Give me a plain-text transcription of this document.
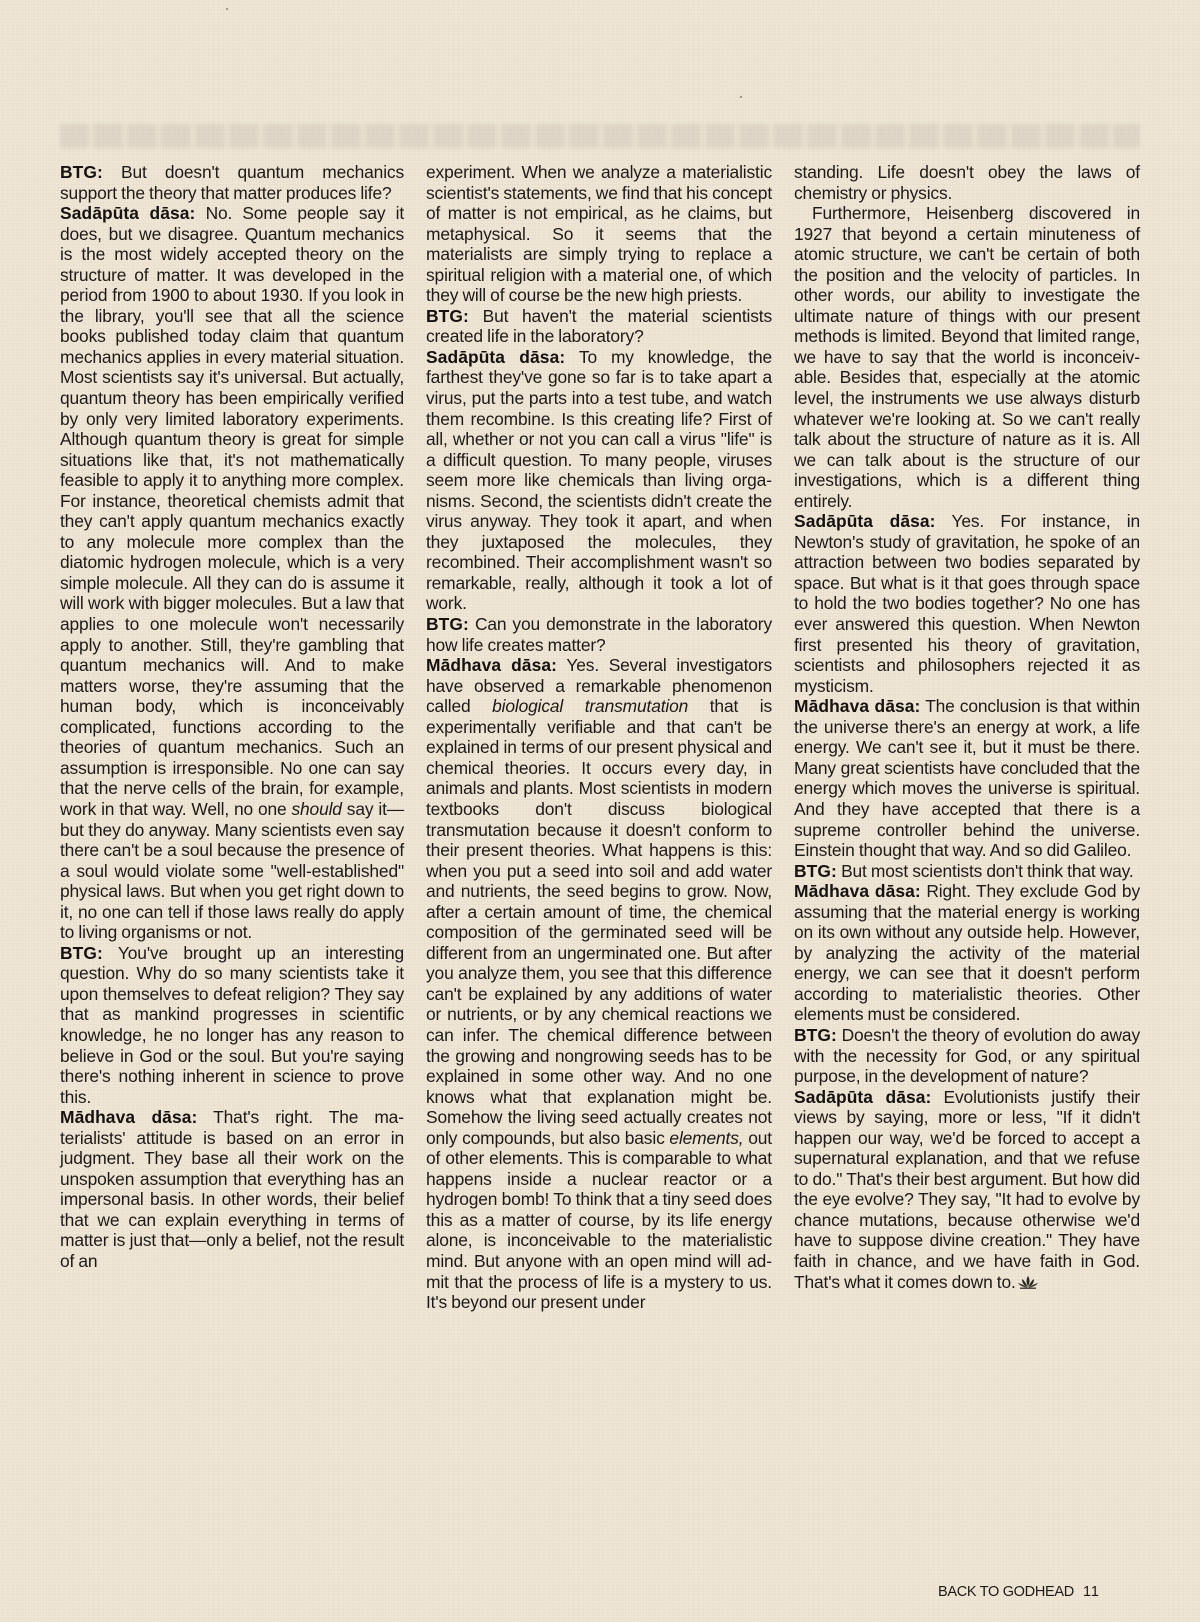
BTG: But doesn't quantum mechanics support the theory that matter produces life?

Sadāpūta dāsa: No. Some people say it does, but we disagree. Quantum mechanics is the most widely accepted theory on the structure of matter. It was developed in the period from 1900 to about 1930. If you look in the library, you'll see that all the science books published today claim that quantum mechanics applies in every material situation. Most scientists say it's universal. But actually, quantum theory has been empirically verified by only very limited laboratory experiments. Although quantum theory is great for simple situations like that, it's not mathematically feasible to apply it to anything more complex. For instance, theoretical chemists admit that they can't apply quantum mechanics exactly to any molecule more complex than the diatomic hydrogen molecule, which is a very simple molecule. All they can do is assume it will work with bigger molecules. But a law that applies to one molecule won't necessarily apply to another. Still, they're gambling that quantum mechanics will. And to make matters worse, they're assuming that the human body, which is inconceivably complicated, functions according to the theories of quantum mechanics. Such an assumption is irresponsible. No one can say that the nerve cells of the brain, for example, work in that way. Well, no one should say it—but they do anyway. Many scientists even say there can't be a soul because the presence of a soul would violate some "well-established" physical laws. But when you get right down to it, no one can tell if those laws really do apply to living organisms or not.

BTG: You've brought up an interesting question. Why do so many scientists take it upon themselves to defeat religion? They say that as mankind progresses in scientific knowledge, he no longer has any reason to believe in God or the soul. But you're saying there's nothing inherent in science to prove this.

Mādhava dāsa: That's right. The materialists' attitude is based on an error in judgment. They base all their work on the unspoken assumption that everything has an impersonal basis. In other words, their belief that we can explain everything in terms of matter is just that—only a belief, not the result of an

experiment. When we analyze a materialistic scientist's statements, we find that his concept of matter is not empirical, as he claims, but metaphysical. So it seems that the materialists are simply trying to replace a spiritual religion with a material one, of which they will of course be the new high priests.

BTG: But haven't the material scientists created life in the laboratory?

Sadāpūta dāsa: To my knowledge, the farthest they've gone so far is to take apart a virus, put the parts into a test tube, and watch them recombine. Is this creating life? First of all, whether or not you can call a virus "life" is a difficult question. To many people, viruses seem more like chemicals than living organisms. Second, the scientists didn't create the virus anyway. They took it apart, and when they juxtaposed the molecules, they recombined. Their accomplishment wasn't so remarkable, really, although it took a lot of work.

BTG: Can you demonstrate in the laboratory how life creates matter?

Mādhava dāsa: Yes. Several investigators have observed a remarkable phenomenon called biological transmutation that is experimentally verifiable and that can't be explained in terms of our present physical and chemical theories. It occurs every day, in animals and plants. Most scientists in modern textbooks don't discuss biological transmutation because it doesn't conform to their present theories. What happens is this: when you put a seed into soil and add water and nutrients, the seed begins to grow. Now, after a certain amount of time, the chemical composition of the germinated seed will be different from an ungerminated one. But after you analyze them, you see that this difference can't be explained by any additions of water or nutrients, or by any chemical reactions we can infer. The chemical difference between the growing and nongrowing seeds has to be explained in some other way. And no one knows what that explanation might be. Somehow the living seed actually creates not only compounds, but also basic elements, out of other elements. This is comparable to what happens inside a nuclear reactor or a hydrogen bomb! To think that a tiny seed does this as a matter of course, by its life energy alone, is inconceivable to the materialistic mind. But anyone with an open mind will admit that the process of life is a mystery to us. It's beyond our present under

standing. Life doesn't obey the laws of chemistry or physics.

Furthermore, Heisenberg discovered in 1927 that beyond a certain minuteness of atomic structure, we can't be certain of both the position and the velocity of particles. In other words, our ability to investigate the ultimate nature of things with our present methods is limited. Beyond that limited range, we have to say that the world is inconceivable. Besides that, especially at the atomic level, the instruments we use always disturb whatever we're looking at. So we can't really talk about the structure of nature as it is. All we can talk about is the structure of our investigations, which is a different thing entirely.

Sadāpūta dāsa: Yes. For instance, in Newton's study of gravitation, he spoke of an attraction between two bodies separated by space. But what is it that goes through space to hold the two bodies together? No one has ever answered this question. When Newton first presented his theory of gravitation, scientists and philosophers rejected it as mysticism.

Mādhava dāsa: The conclusion is that within the universe there's an energy at work, a life energy. We can't see it, but it must be there. Many great scientists have concluded that the energy which moves the universe is spiritual. And they have accepted that there is a supreme controller behind the universe. Einstein thought that way. And so did Galileo.

BTG: But most scientists don't think that way.

Mādhava dāsa: Right. They exclude God by assuming that the material energy is working on its own without any outside help. However, by analyzing the activity of the material energy, we can see that it doesn't perform according to materialistic theories. Other elements must be considered.

BTG: Doesn't the theory of evolution do away with the necessity for God, or any spiritual purpose, in the development of nature?

Sadāpūta dāsa: Evolutionists justify their views by saying, more or less, "If it didn't happen our way, we'd be forced to accept a supernatural explanation, and that we refuse to do." That's their best argument. But how did the eye evolve? They say, "It had to evolve by chance mutations, because otherwise we'd have to suppose divine creation." They have faith in chance, and we have faith in God. That's what it comes down to.

BACK TO GODHEAD 11
